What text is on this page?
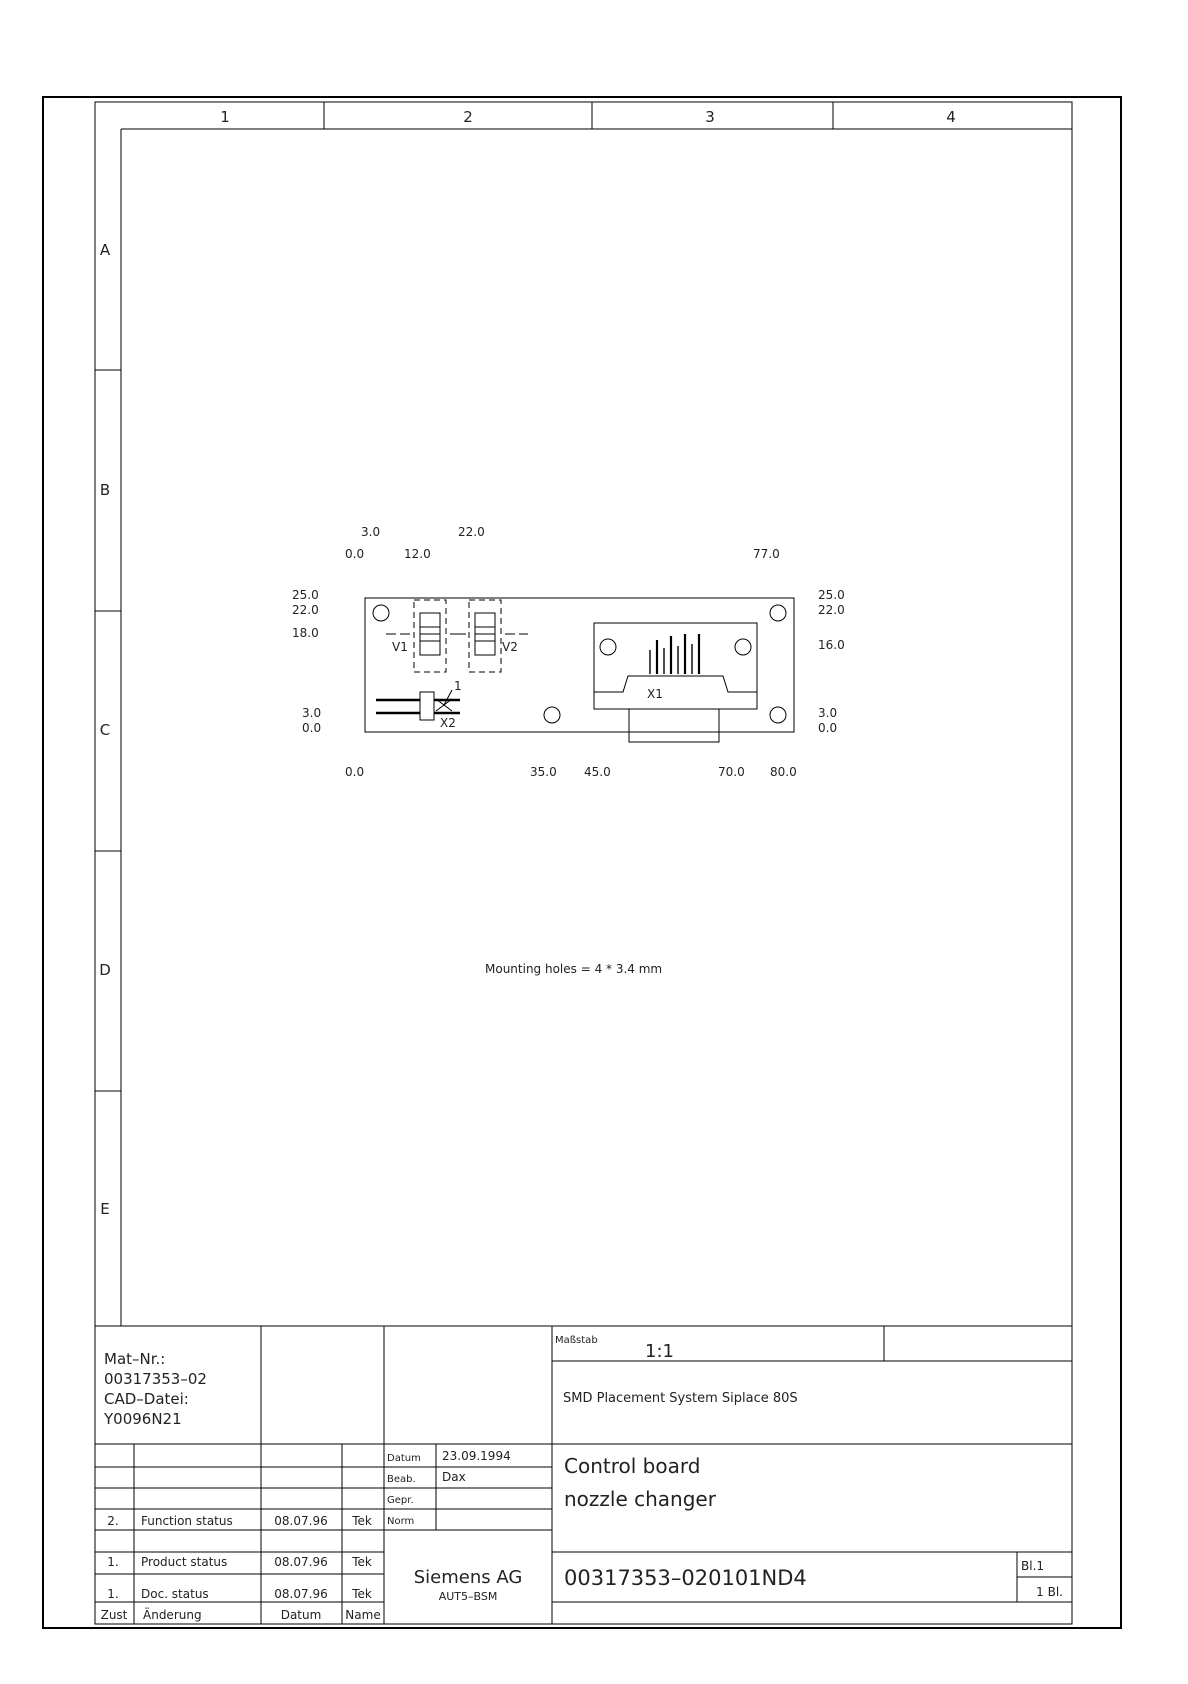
1	2	3	4
A
B
C
D
E
3.0	22.0
0.0	12.0	77.0
25.0
22.0
18.0
3.0
0.0
25.0
22.0
16.0
3.0
0.0
0.0	35.0 45.0	70.0 80.0
V1	V2
1
X2
X1
Mounting holes = 4 * 3.4 mm
Mat–Nr.:
00317353–02
CAD–Datei:
Y0096N21
Maßstab
1:1
SMD Placement System Siplace 80S
Datum 23.09.1994
Beab. Dax
Gepr.
Norm
Control board
nozzle changer
2. Function status	08.07.96 Tek
1. Product status	08.07.96 Tek
1. Doc. status	08.07.96 Tek
Zust Änderung	Datum Name
Siemens AG
AUT5–BSM
00317353–020101ND4	Bl.1
1 Bl.
